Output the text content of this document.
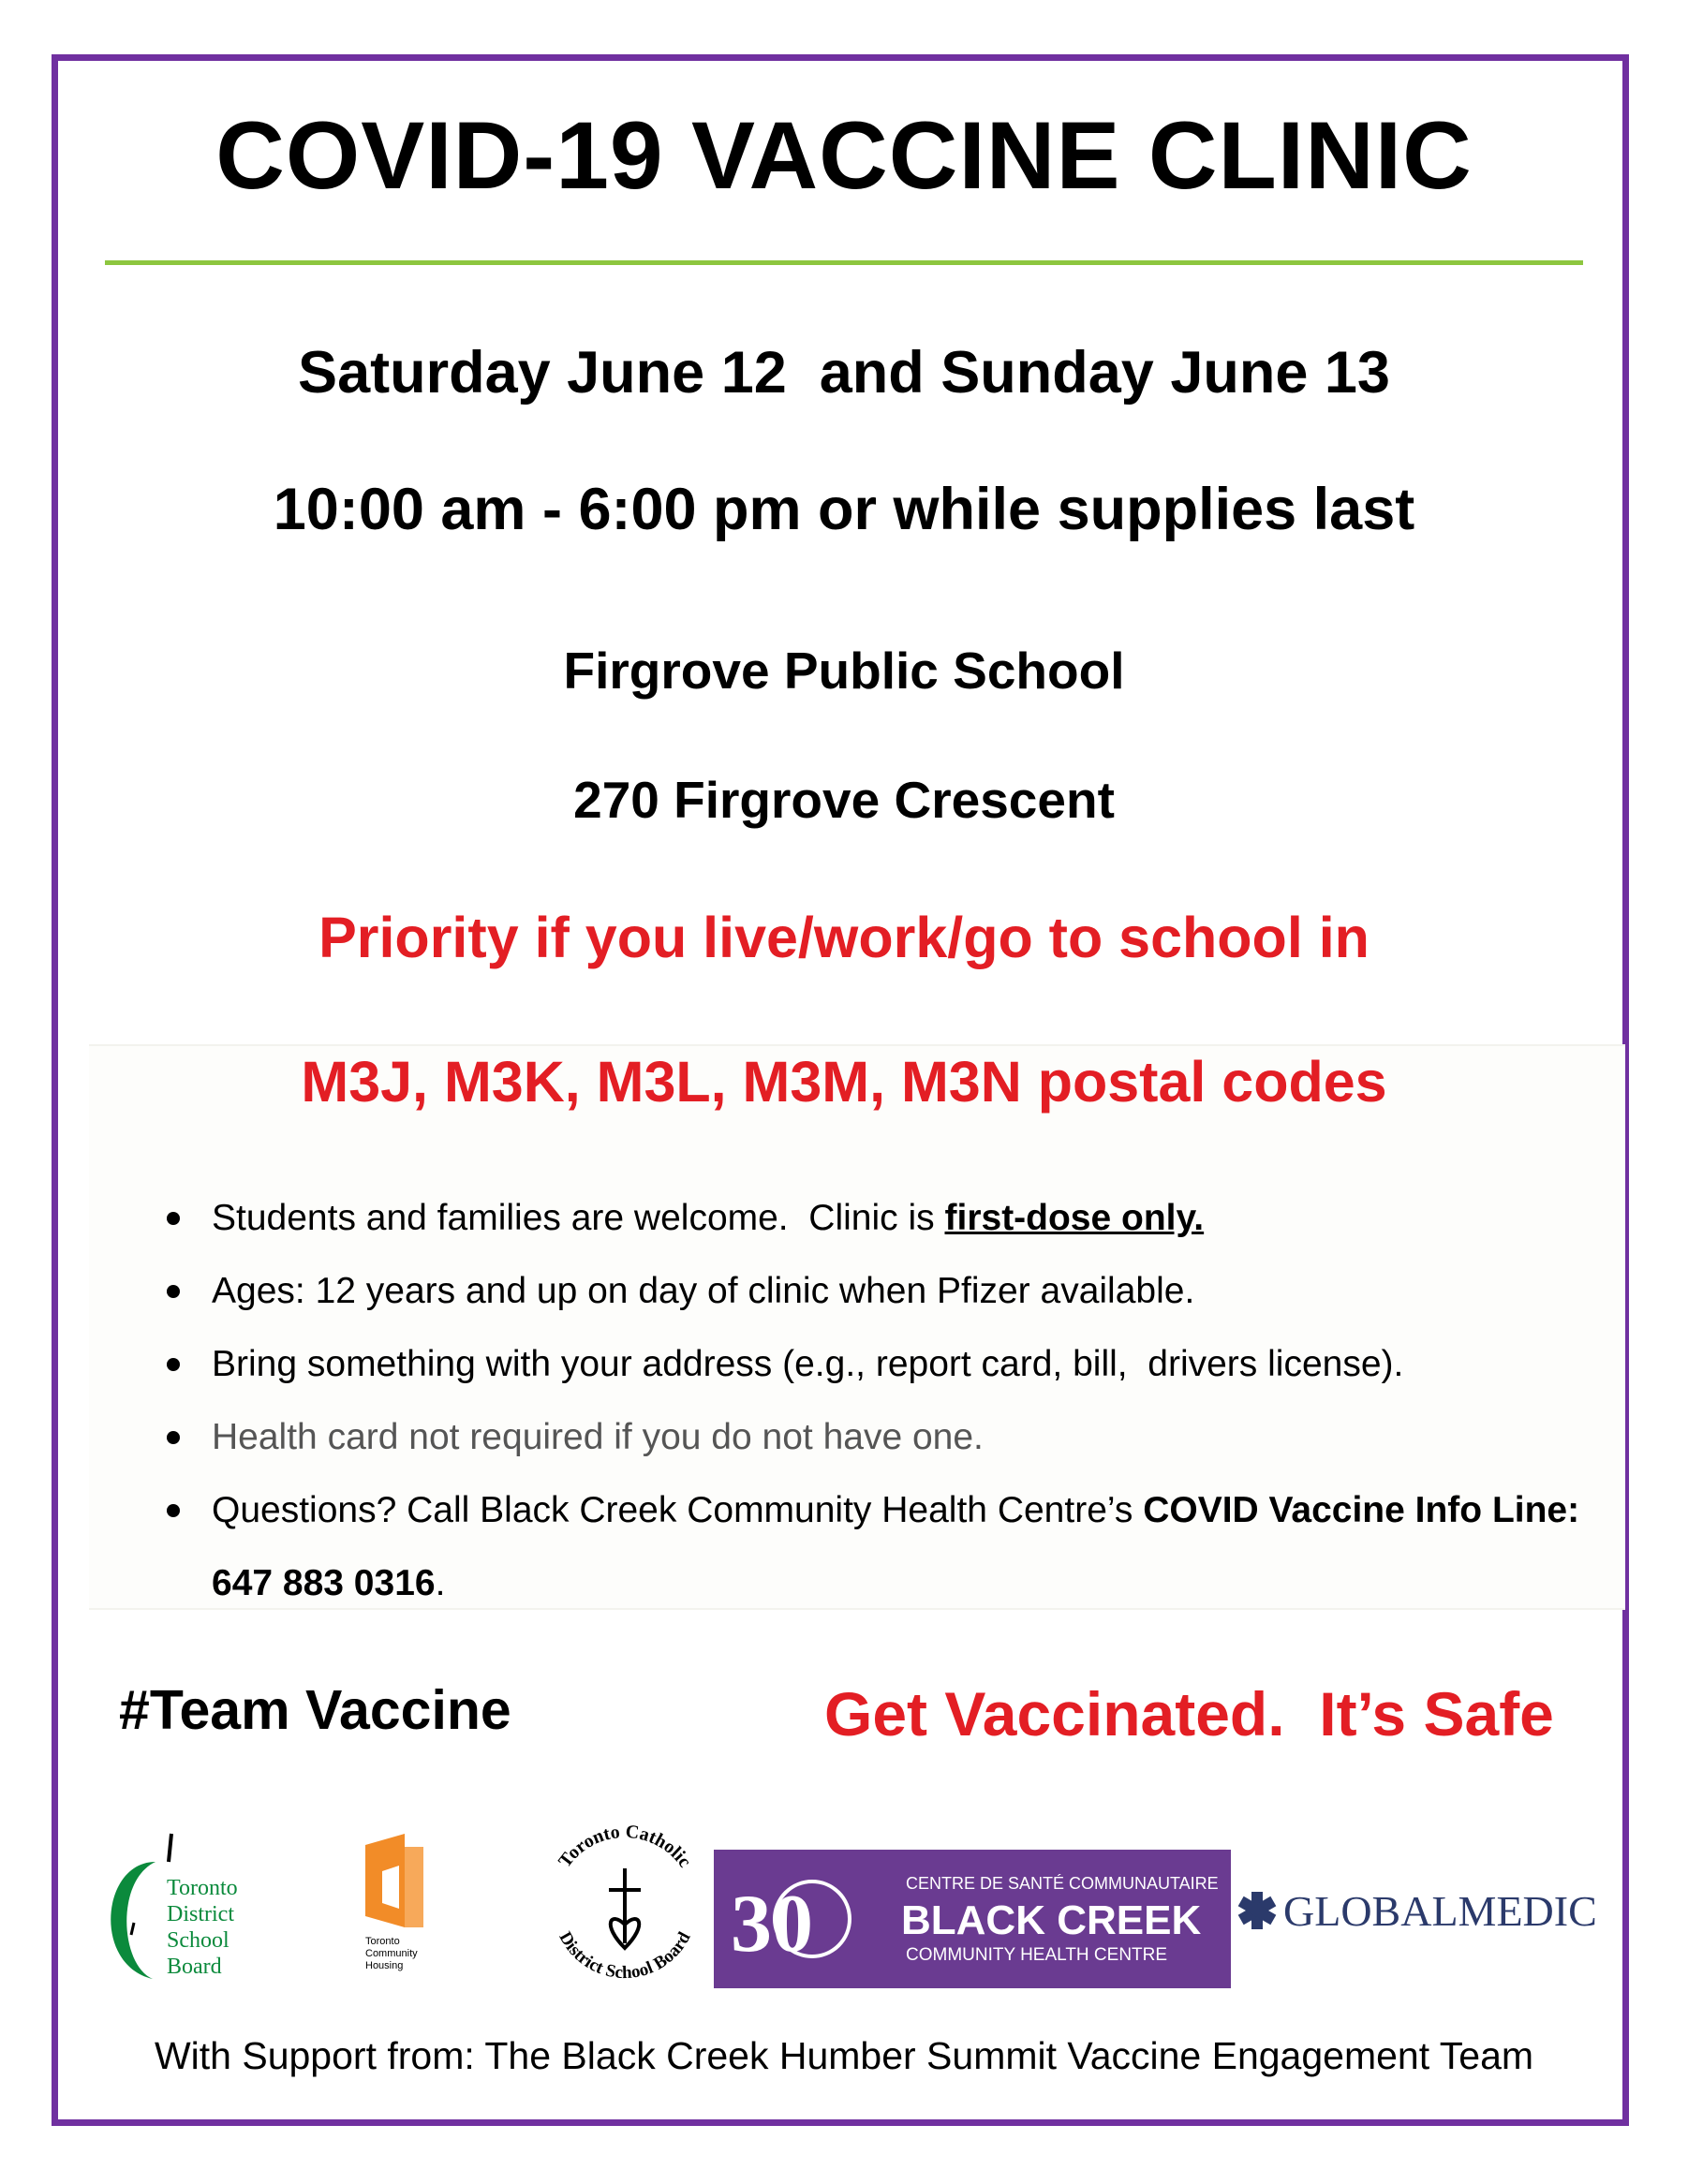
COVID-19 VACCINE CLINIC
Saturday June 12  and Sunday June 13
10:00 am - 6:00 pm or while supplies last
Firgrove Public School
270 Firgrove Crescent
Priority if you live/work/go to school in
M3J, M3K, M3L, M3M, M3N postal codes
Students and families are welcome.  Clinic is first-dose only.
Ages: 12 years and up on day of clinic when Pfizer available.
Bring something with your address (e.g., report card, bill,  drivers license).
Health card not required if you do not have one.
Questions? Call Black Creek Community Health Centre’s COVID Vaccine Info Line: 647 883 0316.
#Team Vaccine	Get Vaccinated.  It’s Safe
Toronto
District
School
Board
Toronto
Community
Housing
Toronto Catholic
District School Board 30	CENTRE DE SANTÉ COMMUNAUTAIRE
BLACK CREEK
COMMUNITY HEALTH CENTRE
GLOBALMEDIC
With Support from: The Black Creek Humber Summit Vaccine Engagement Team
